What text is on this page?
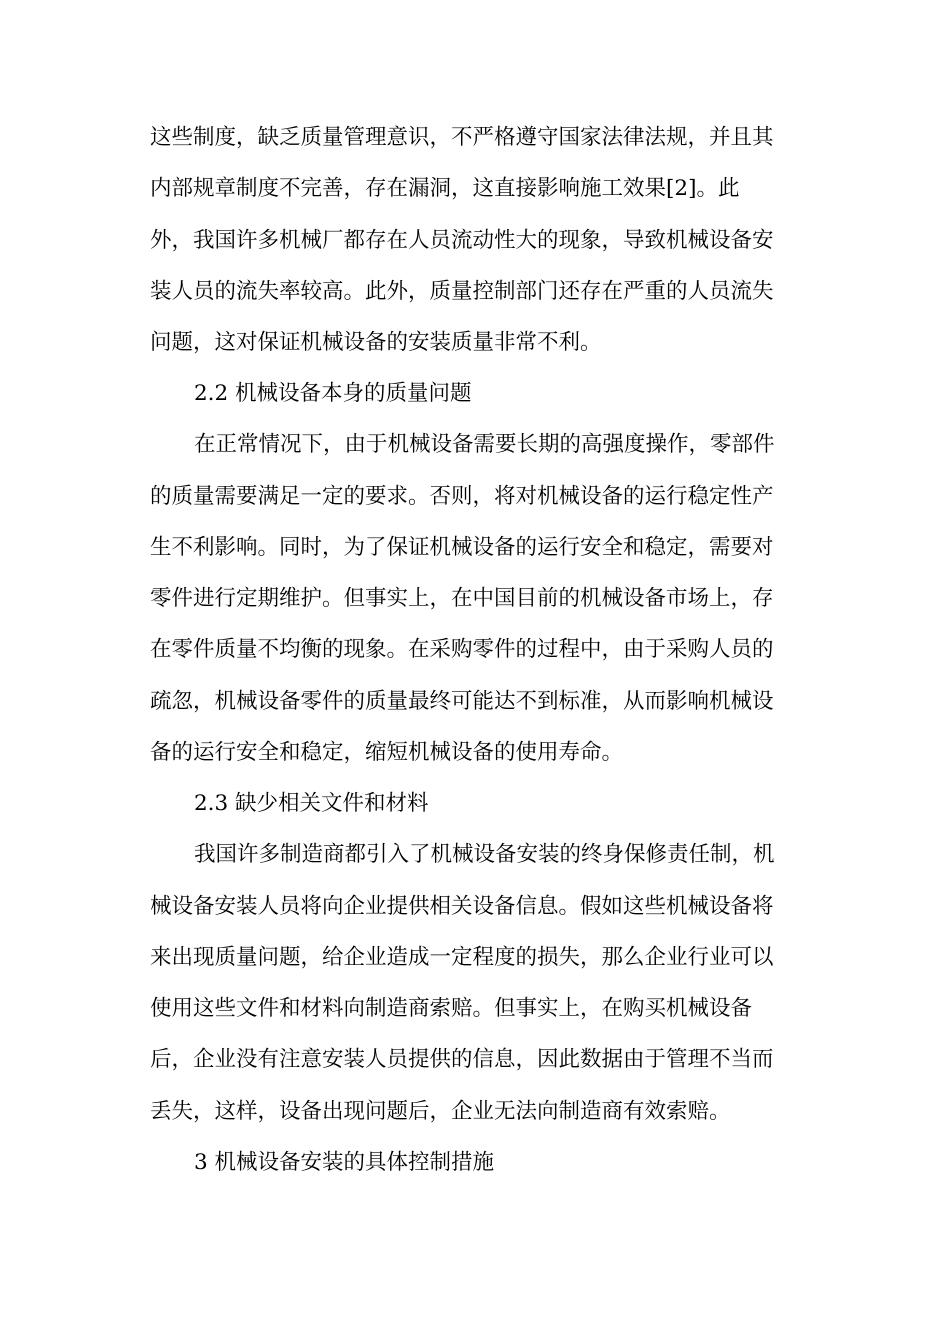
这些制度，缺乏质量管理意识，不严格遵守国家法律法规，并且其
内部规章制度不完善，存在漏洞，这直接影响施工效果[2]。此
外，我国许多机械厂都存在人员流动性大的现象，导致机械设备安
装人员的流失率较高。此外，质量控制部门还存在严重的人员流失
问题，这对保证机械设备的安装质量非常不利。
2.2 机械设备本身的质量问题
在正常情况下，由于机械设备需要长期的高强度操作，零部件
的质量需要满足一定的要求。否则，将对机械设备的运行稳定性产
生不利影响。同时，为了保证机械设备的运行安全和稳定，需要对
零件进行定期维护。但事实上，在中国目前的机械设备市场上，存
在零件质量不均衡的现象。在采购零件的过程中，由于采购人员的
疏忽，机械设备零件的质量最终可能达不到标准，从而影响机械设
备的运行安全和稳定，缩短机械设备的使用寿命。
2.3 缺少相关文件和材料
我国许多制造商都引入了机械设备安装的终身保修责任制，机
械设备安装人员将向企业提供相关设备信息。假如这些机械设备将
来出现质量问题，给企业造成一定程度的损失，那么企业行业可以
使用这些文件和材料向制造商索赔。但事实上，在购买机械设备
后，企业没有注意安装人员提供的信息，因此数据由于管理不当而
丢失，这样，设备出现问题后，企业无法向制造商有效索赔。
3 机械设备安装的具体控制措施
